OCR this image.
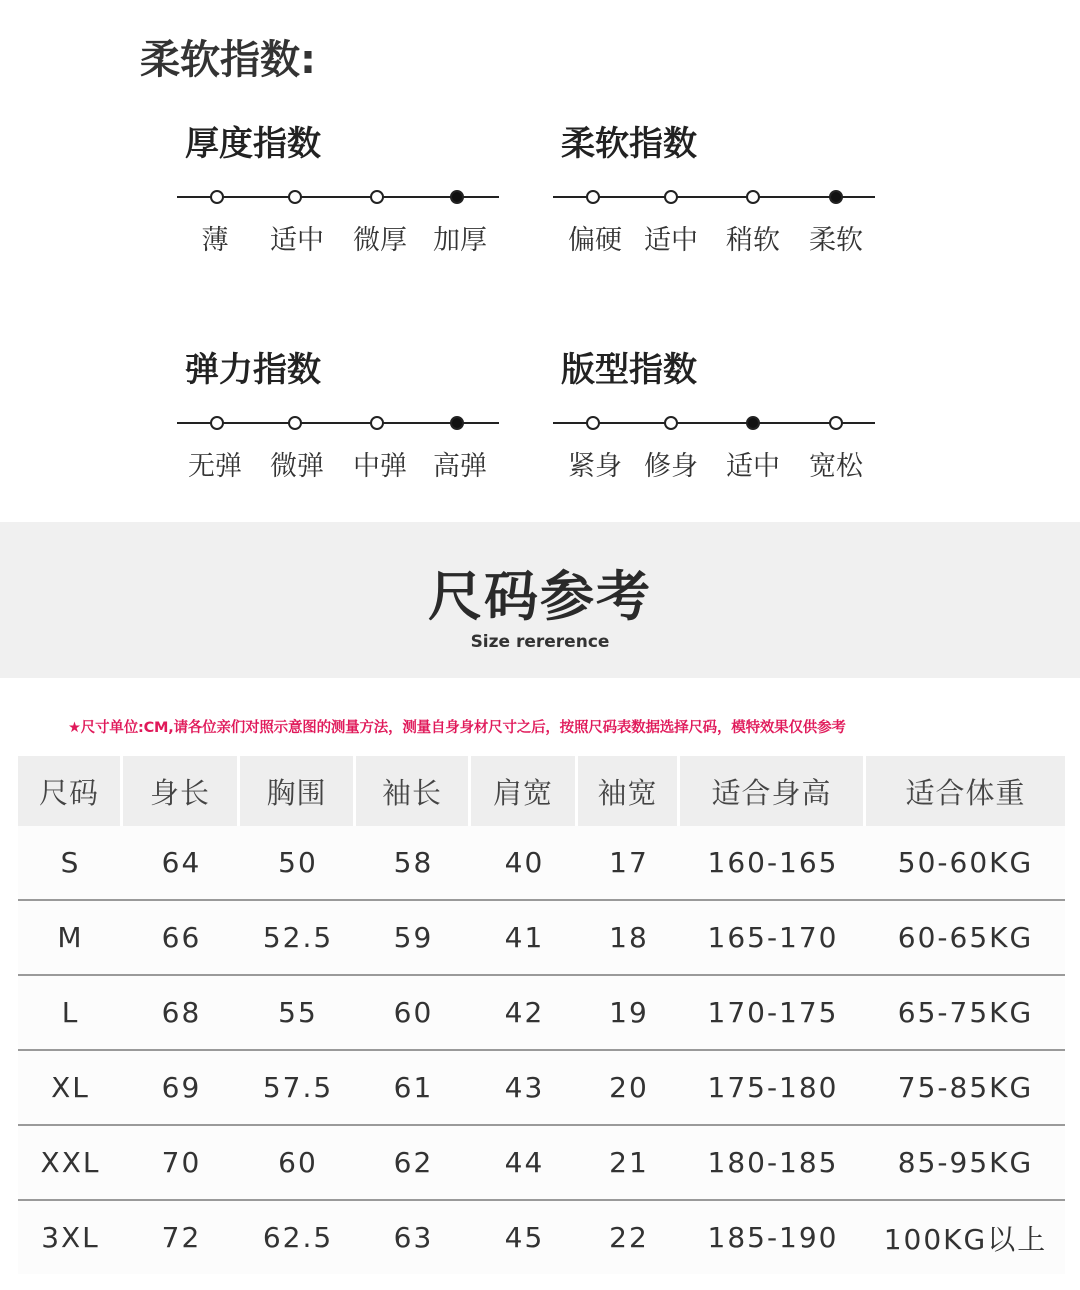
柔软指数:
厚度指数
薄 适中 微厚 加厚
柔软指数
偏硬 适中 稍软 柔软
弹力指数
无弹 微弹 中弹 高弹
版型指数
紧身 修身 适中 宽松
尺码参考
Size rererence
★尺寸单位:CM,请各位亲们对照示意图的测量方法，测量自身身材尺寸之后，按照尺码表数据选择尺码，模特效果仅供参考
尺码	身长	胸围	袖长	肩宽	袖宽	适合身高	适合体重
S	64	50	58	40	17	160-165	50-60KG
M	66	52.5	59	41	18	165-170	60-65KG
L	68	55	60	42	19	170-175	65-75KG
XL	69	57.5	61	43	20	175-180	75-85KG
XXL	70	60	62	44	21	180-185	85-95KG
3XL	72	62.5	63	45	22	185-190	100KG以上
